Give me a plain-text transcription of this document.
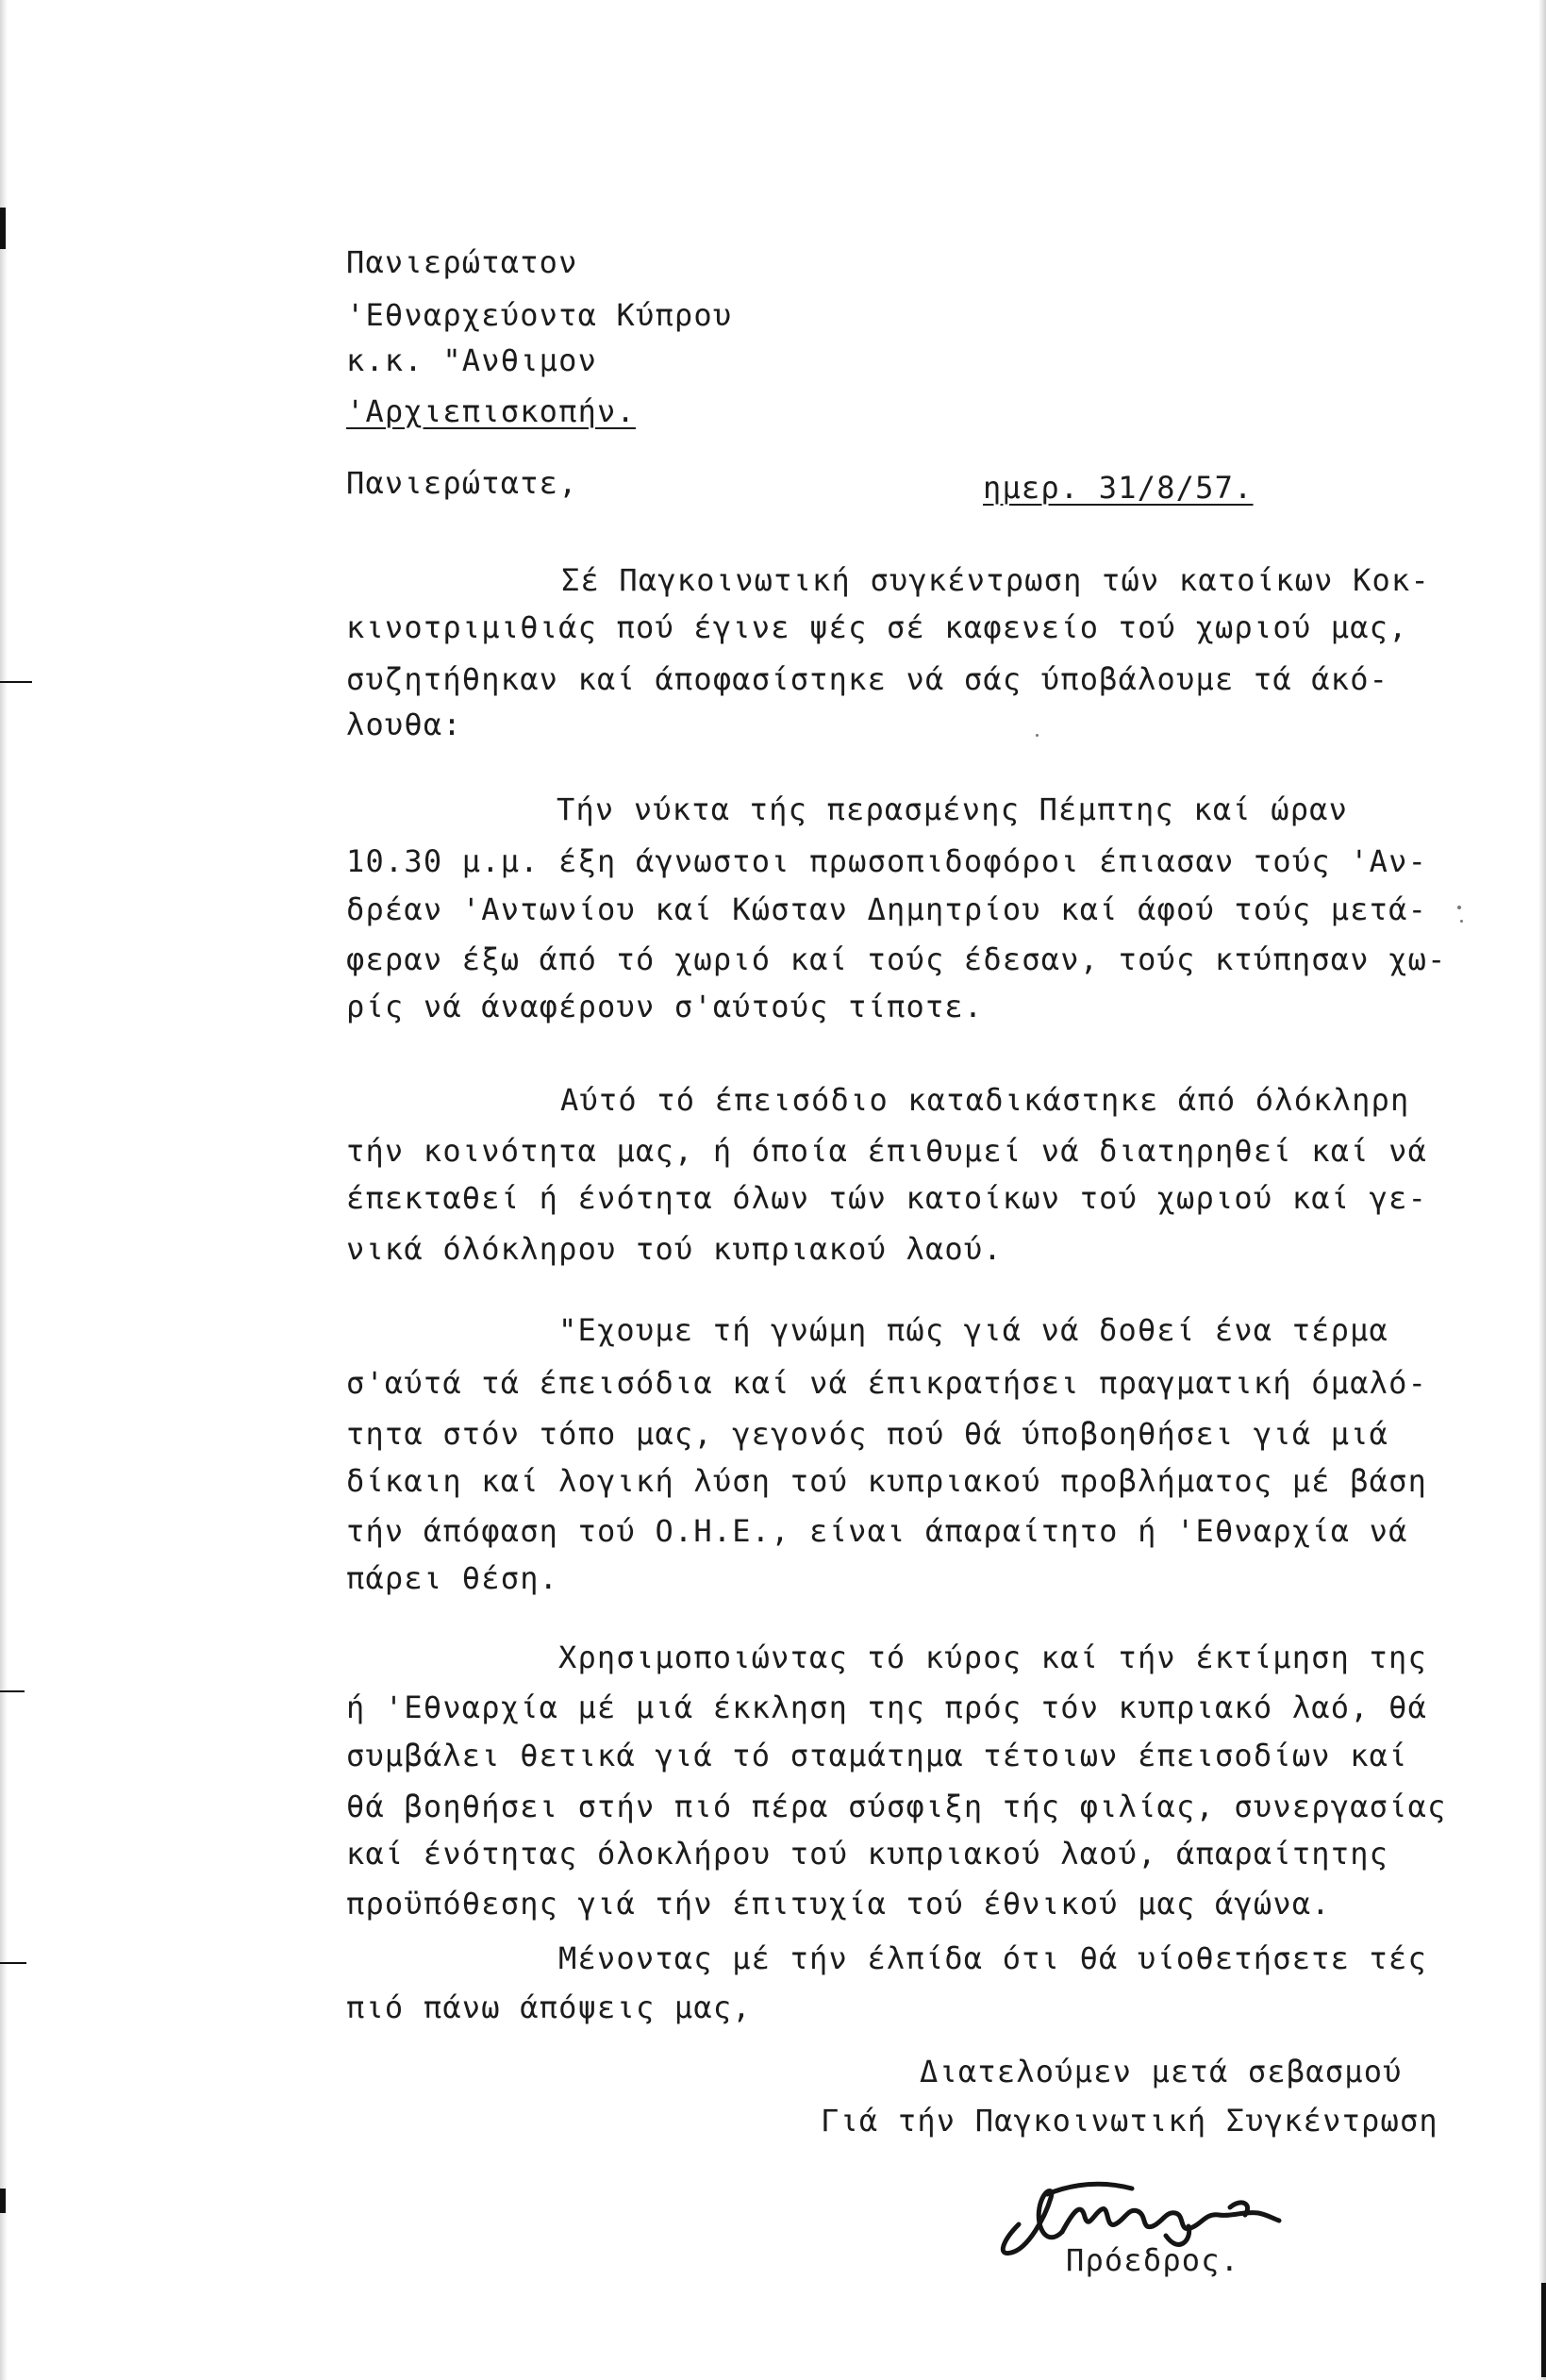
Πανιερώτατον
'Εθναρχεύοντα Κύπρου
κ.κ. "Ανθιμον
'Αρχιεπισκοπήν.
Πανιερώτατε,	ημερ. 31/8/57.
Σέ Παγκοινωτική συγκέντρωση τών κατοίκων Κοκ-
κινοτριμιθιάς πού έγινε ψές σέ καφενείο τού χωριού μας,
συζητήθηκαν καί άποφασίστηκε νά σάς ύποβάλουμε τά άκό-
λουθα:
Τήν νύκτα τής περασμένης Πέμπτης καί ώραν
10.30 μ.μ. έξη άγνωστοι πρωσοπιδοφόροι έπιασαν τούς 'Αν-
δρέαν 'Αντωνίου καί Κώσταν Δημητρίου καί άφού τούς μετά-
φεραν έξω άπό τό χωριό καί τούς έδεσαν, τούς κτύπησαν χω-
ρίς νά άναφέρουν σ'αύτούς τίποτε.
Αύτό τό έπεισόδιο καταδικάστηκε άπό όλόκληρη
τήν κοινότητα μας, ή όποία έπιθυμεί νά διατηρηθεί καί νά
έπεκταθεί ή ένότητα όλων τών κατοίκων τού χωριού καί γε-
νικά όλόκληρου τού κυπριακού λαού.
"Εχουμε τή γνώμη πώς γιά νά δοθεί ένα τέρμα
σ'αύτά τά έπεισόδια καί νά έπικρατήσει πραγματική όμαλό-
τητα στόν τόπο μας, γεγονός πού θά ύποβοηθήσει γιά μιά
δίκαιη καί λογική λύση τού κυπριακού προβλήματος μέ βάση
τήν άπόφαση τού Ο.Η.Ε., είναι άπαραίτητο ή 'Εθναρχία νά
πάρει θέση.
Χρησιμοποιώντας τό κύρος καί τήν έκτίμηση της
ή 'Εθναρχία μέ μιά έκκληση της πρός τόν κυπριακό λαό, θά
συμβάλει θετικά γιά τό σταμάτημα τέτοιων έπεισοδίων καί
θά βοηθήσει στήν πιό πέρα σύσφιξη τής φιλίας, συνεργασίας
καί ένότητας όλοκλήρου τού κυπριακού λαού, άπαραίτητης
προϋπόθεσης γιά τήν έπιτυχία τού έθνικού μας άγώνα.
Μένοντας μέ τήν έλπίδα ότι θά υίοθετήσετε τές
πιό πάνω άπόψεις μας,
Διατελούμεν μετά σεβασμού
Γιά τήν Παγκοινωτική Συγκέντρωση
Πρόεδρος.
